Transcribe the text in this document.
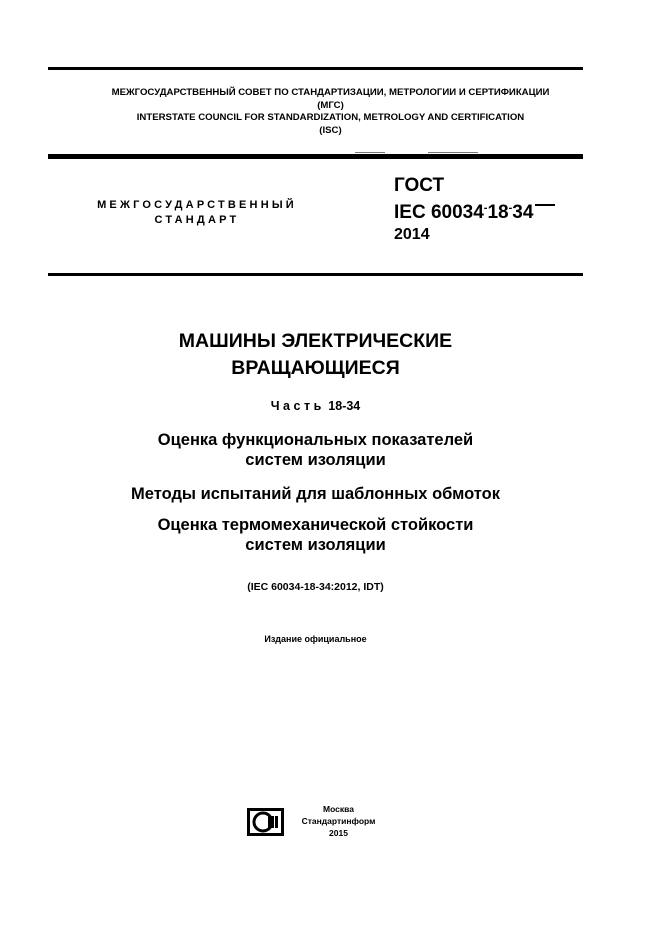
МЕЖГОСУДАРСТВЕННЫЙ СОВЕТ ПО СТАНДАРТИЗАЦИИ, МЕТРОЛОГИИ И СЕРТИФИКАЦИИ
(МГС)
INTERSTATE COUNCIL FOR STANDARDIZATION, METROLOGY AND CERTIFICATION
(ISC)
МЕЖГОСУДАРСТВЕННЫЙ
СТАНДАРТ
ГОСТ
IEC 60034-18-34
2014
МАШИНЫ ЭЛЕКТРИЧЕСКИЕ
ВРАЩАЮЩИЕСЯ
Часть 18-34
Оценка функциональных показателей
систем изоляции
Методы испытаний для шаблонных обмоток
Оценка термомеханической стойкости
систем изоляции
(IEC 60034-18-34:2012, IDT)
Издание официальное
Москва
Стандартинформ
2015
